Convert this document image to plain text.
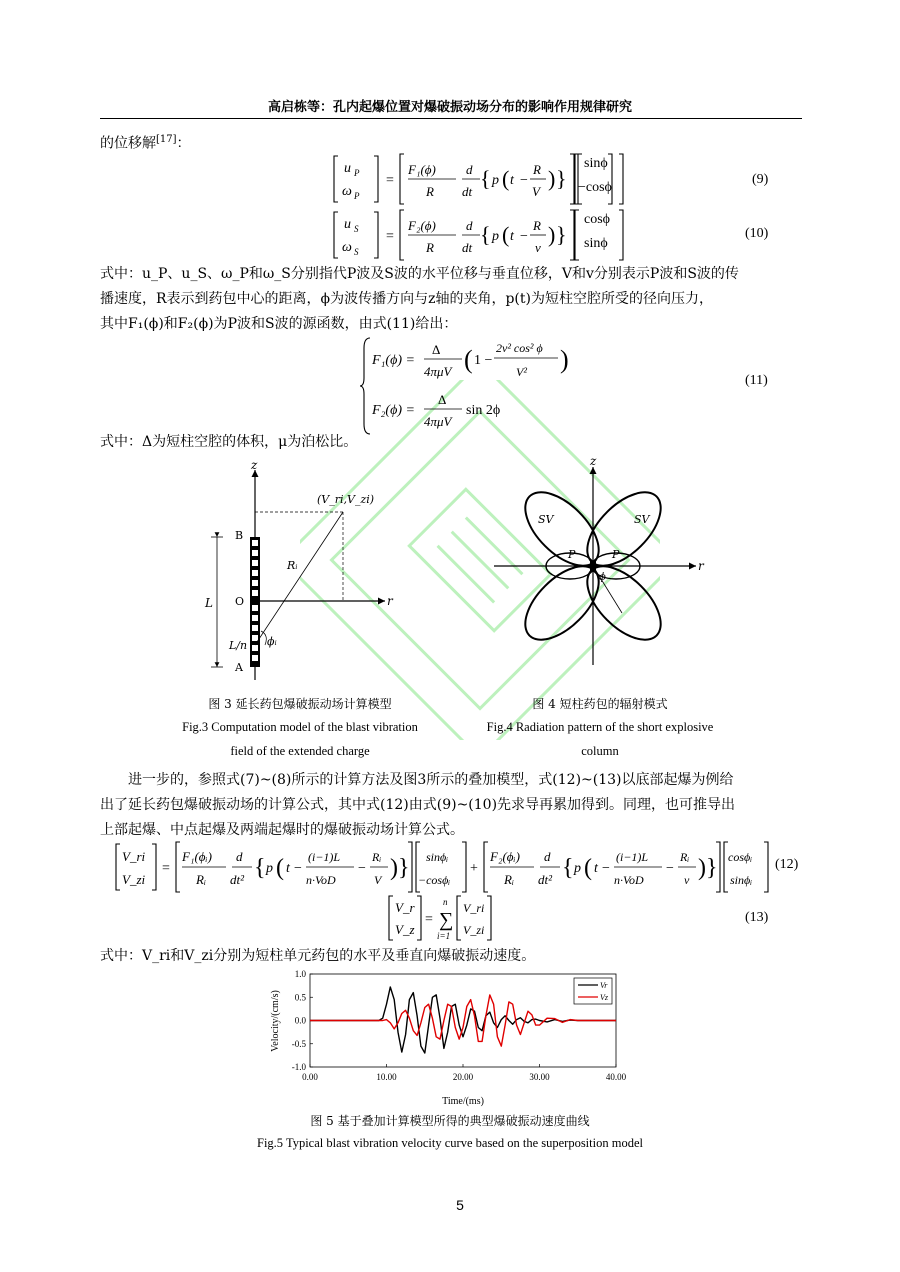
高启栋等：孔内起爆位置对爆破振动场分布的影响作用规律研究
的位移解[17]：
u P
ω P
=
F₁(ϕ)
R
d
dt
{ p ( t −
R
V
) }
sinϕ
−cosϕ
(9)
u S
ω S
=
F₂(ϕ)
R
d
dt
{ p ( t −
R
v
) }
cosϕ
sinϕ
(10)
式中：u_P、u_S、ω_P和ω_S分别指代P波及S波的水平位移与垂直位移，V和v分别表示P波和S波的传
播速度，R表示到药包中心的距离，ϕ为波传播方向与z轴的夹角，p(t)为短柱空腔所受的径向压力，
其中F₁(ϕ)和F₂(ϕ)为P波和S波的源函数，由式(11)给出：
F₁(ϕ) =
Δ
4πμV ( 1 −
2v² cos² ϕ
V² )
F₂(ϕ) =
Δ
4πμV
sin 2ϕ
(11)
式中：Δ为短柱空腔的体积，μ为泊松比。
z
r
(V_ri,V_zi)
Rᵢ
ϕᵢ
B
O
A
L
L/n
图 3 延长药包爆破振动场计算模型
Fig.3 Computation model of the blast vibration
field of the extended charge
z
r
SV	SV
P	P
ϕ
图 4 短柱药包的辐射模式
Fig.4 Radiation pattern of the short explosive
column
进一步的，参照式(7)~(8)所示的计算方法及图3所示的叠加模型，式(12)~(13)以底部起爆为例给
出了延长药包爆破振动场的计算公式，其中式(12)由式(9)~(10)先求导再累加得到。同理，也可推导出
上部起爆、中点起爆及两端起爆时的爆破振动场计算公式。
V_ri
V_zi
=
F₁(ϕᵢ)
Rᵢ
d
dt² { p ( t −
(i−1)L
n·VoD
−
Rᵢ
V ) } sinϕᵢ
−cosϕᵢ
+
F₂(ϕᵢ)
Rᵢ
d
dt² { p ( t −
(i−1)L
n·VoD
−
Rᵢ
v ) } cosϕᵢ
sinϕᵢ
(12)
V_r
V_z
=
n
∑
i=1
V_ri
V_zi
(13)
式中：V_ri和V_zi分别为短柱单元药包的水平及垂直向爆破振动速度。
Velocity/(cm/s)
Time/(ms)
1.0
0.5
0.0
-0.5
-1.0
0.00	10.00	20.00	30.00	40.00
Vr
Vz
图 5 基于叠加计算模型所得的典型爆破振动速度曲线
Fig.5 Typical blast vibration velocity curve based on the superposition model
5
